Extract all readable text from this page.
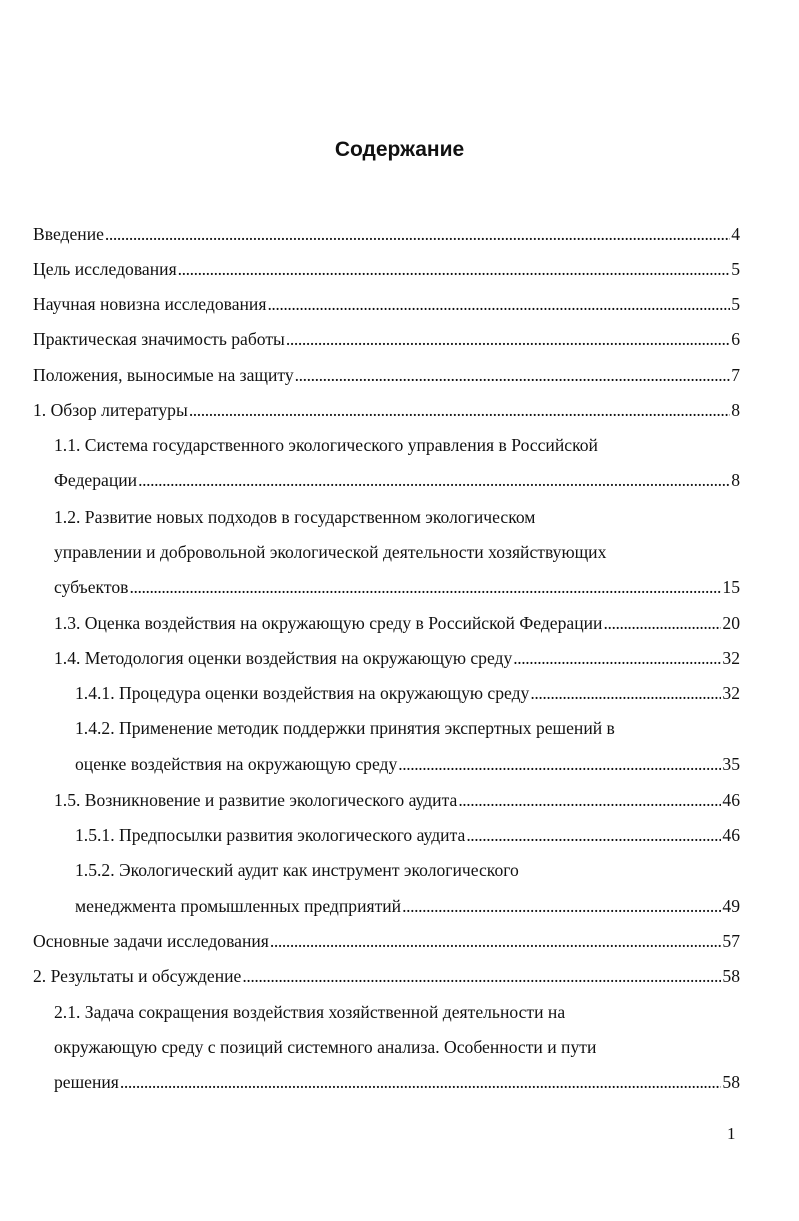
Содержание
Введение . . .	4
Цель исследования . . .	5
Научная новизна исследования . . .	5
Практическая значимость работы . . .	6
Положения, выносимые на защиту . . .	7
1. Обзор литературы . . .	8
1.1. Система государственного экологического управления в Российской
Федерации . . .	8
1.2. Развитие новых подходов в государственном экологическом
управлении и добровольной экологической деятельности хозяйствующих
субъектов . . .	15
1.3. Оценка воздействия на окружающую среду в Российской Федерации . . .	20
1.4. Методология оценки воздействия на окружающую среду . . .	32
1.4.1. Процедура оценки воздействия на окружающую среду . . .	32
1.4.2. Применение методик поддержки принятия экспертных решений в
оценке воздействия на окружающую среду . . .	35
1.5. Возникновение и развитие экологического аудита . . .	46
1.5.1. Предпосылки развития экологического аудита . . .	46
1.5.2. Экологический аудит как инструмент экологического
менеджмента промышленных предприятий . . .	49
Основные задачи исследования . . .	57
2. Результаты и обсуждение . . .	58
2.1. Задача сокращения воздействия хозяйственной деятельности на
окружающую среду с позиций системного анализа. Особенности и пути
решения . . .	58
1
